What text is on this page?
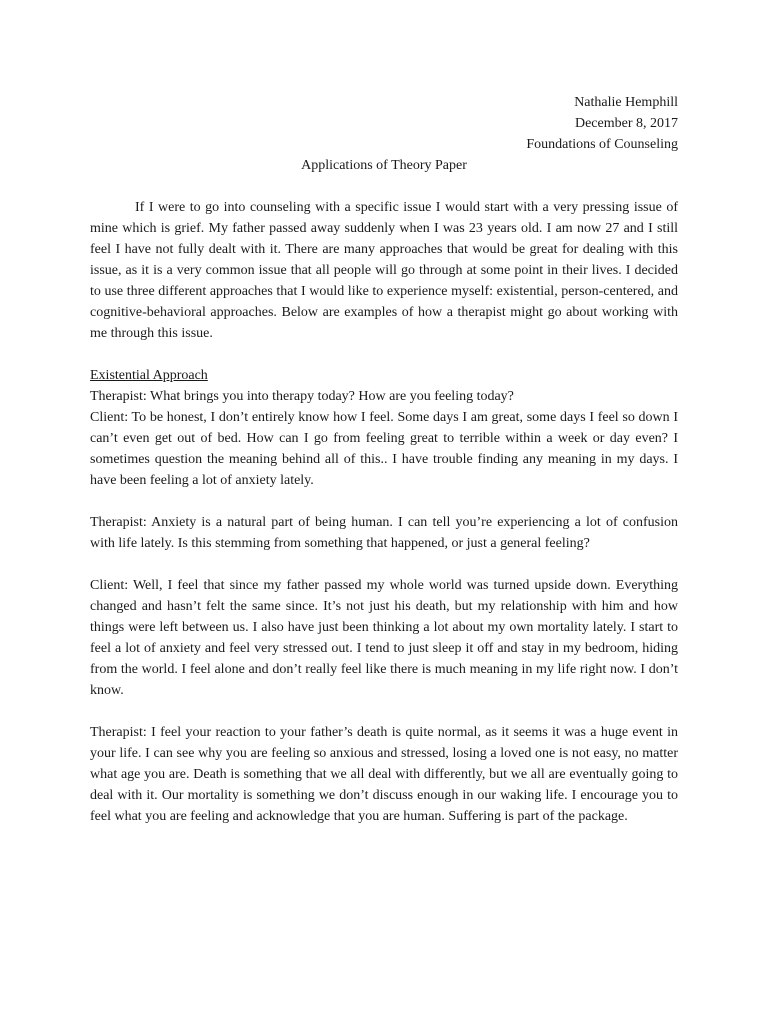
Nathalie Hemphill
December 8, 2017
Foundations of Counseling
Applications of Theory Paper

If I were to go into counseling with a specific issue I would start with a very pressing issue of mine which is grief. My father passed away suddenly when I was 23 years old. I am now 27 and I still feel I have not fully dealt with it. There are many approaches that would be great for dealing with this issue, as it is a very common issue that all people will go through at some point in their lives. I decided to use three different approaches that I would like to experience myself: existential, person-centered, and cognitive-behavioral approaches. Below are examples of how a therapist might go about working with me through this issue.

Existential Approach

Therapist: What brings you into therapy today? How are you feeling today?

Client: To be honest, I don’t entirely know how I feel. Some days I am great, some days I feel so down I can’t even get out of bed. How can I go from feeling great to terrible within a week or day even? I sometimes question the meaning behind all of this.. I have trouble finding any meaning in my days. I have been feeling a lot of anxiety lately.

Therapist: Anxiety is a natural part of being human. I can tell you’re experiencing a lot of confusion with life lately. Is this stemming from something that happened, or just a general feeling?

Client: Well, I feel that since my father passed my whole world was turned upside down. Everything changed and hasn’t felt the same since. It’s not just his death, but my relationship with him and how things were left between us. I also have just been thinking a lot about my own mortality lately. I start to feel a lot of anxiety and feel very stressed out. I tend to just sleep it off and stay in my bedroom, hiding from the world. I feel alone and don’t really feel like there is much meaning in my life right now. I don’t know.

Therapist: I feel your reaction to your father’s death is quite normal, as it seems it was a huge event in your life. I can see why you are feeling so anxious and stressed, losing a loved one is not easy, no matter what age you are. Death is something that we all deal with differently, but we all are eventually going to deal with it. Our mortality is something we don’t discuss enough in our waking life. I encourage you to feel what you are feeling and acknowledge that you are human. Suffering is part of the package.
